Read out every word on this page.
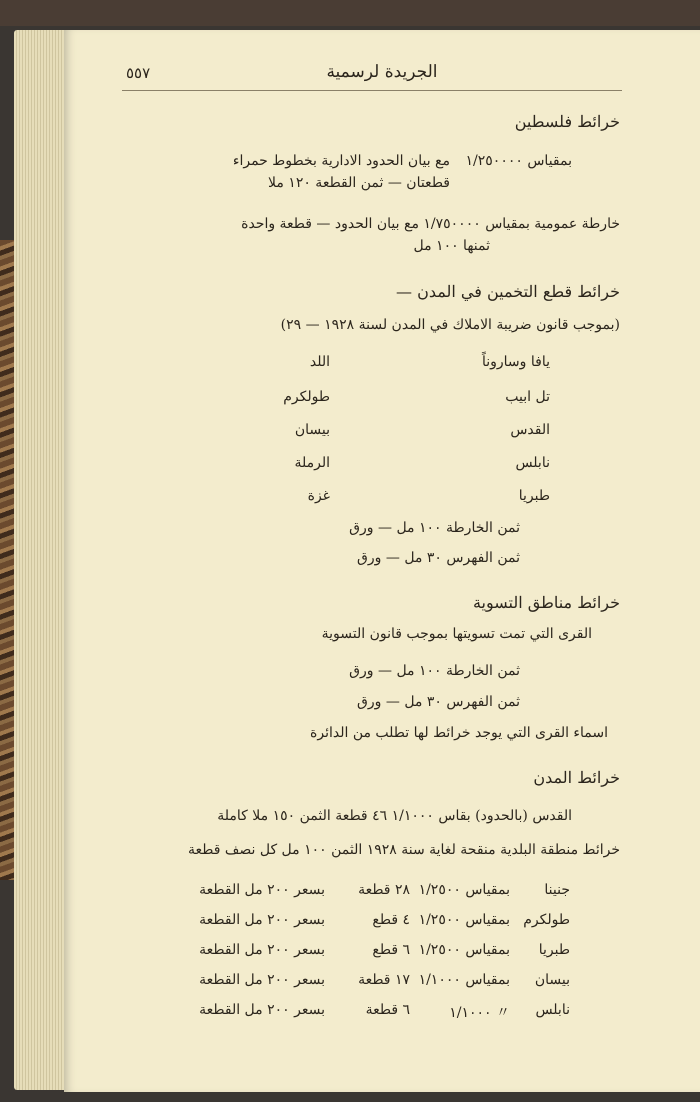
٥٥٧	الجريدة لرسمية
خرائط فلسطين
بمقياس ١/٢٥٠٠٠٠
مع بيان الحدود الادارية بخطوط حمراء
قطعتان — ثمن القطعة ١٢٠ ملا
خارطة عمومية بمقياس ١/٧٥٠٠٠٠ مع بيان الحدود — قطعة واحدة
ثمنها ١٠٠ مل
خرائط قطع التخمين في المدن —
(بموجب قانون ضريبة الاملاك في المدن لسنة ١٩٢٨ — ٢٩)
يافا وساروناً
تل ابيب
القدس
نابلس
طبريا
اللد
طولكرم
بيسان
الرملة
غزة
ثمن الخارطة ١٠٠ مل — ورق
ثمن الفهرس ٣٠ مل — ورق
خرائط مناطق التسوية
القرى التي تمت تسويتها بموجب قانون التسوية
ثمن الخارطة ١٠٠ مل — ورق
ثمن الفهرس ٣٠ مل — ورق
اسماء القرى التي يوجد خرائط لها تطلب من الدائرة
خرائط المدن
القدس (بالحدود) بقاس ١/١٠٠٠ ٤٦ قطعة الثمن ١٥٠ ملا كاملة
خرائط منطقة البلدية منقحة لغاية سنة ١٩٢٨ الثمن ١٠٠ مل كل نصف قطعة
جنينا
بمقياس ١/٢٥٠٠
٢٨ قطعة
بسعر ٢٠٠ مل القطعة
طولكرم
بمقياس ١/٢٥٠٠
٤ قطع
بسعر ٢٠٠ مل القطعة
طبريا
بمقياس ١/٢٥٠٠
٦ قطع
بسعر ٢٠٠ مل القطعة
بيسان
بمقياس ١/١٠٠٠
١٧ قطعة
بسعر ٢٠٠ مل القطعة
نابلس
〃 ١/١٠٠٠
٦ قطعة
بسعر ٢٠٠ مل القطعة
